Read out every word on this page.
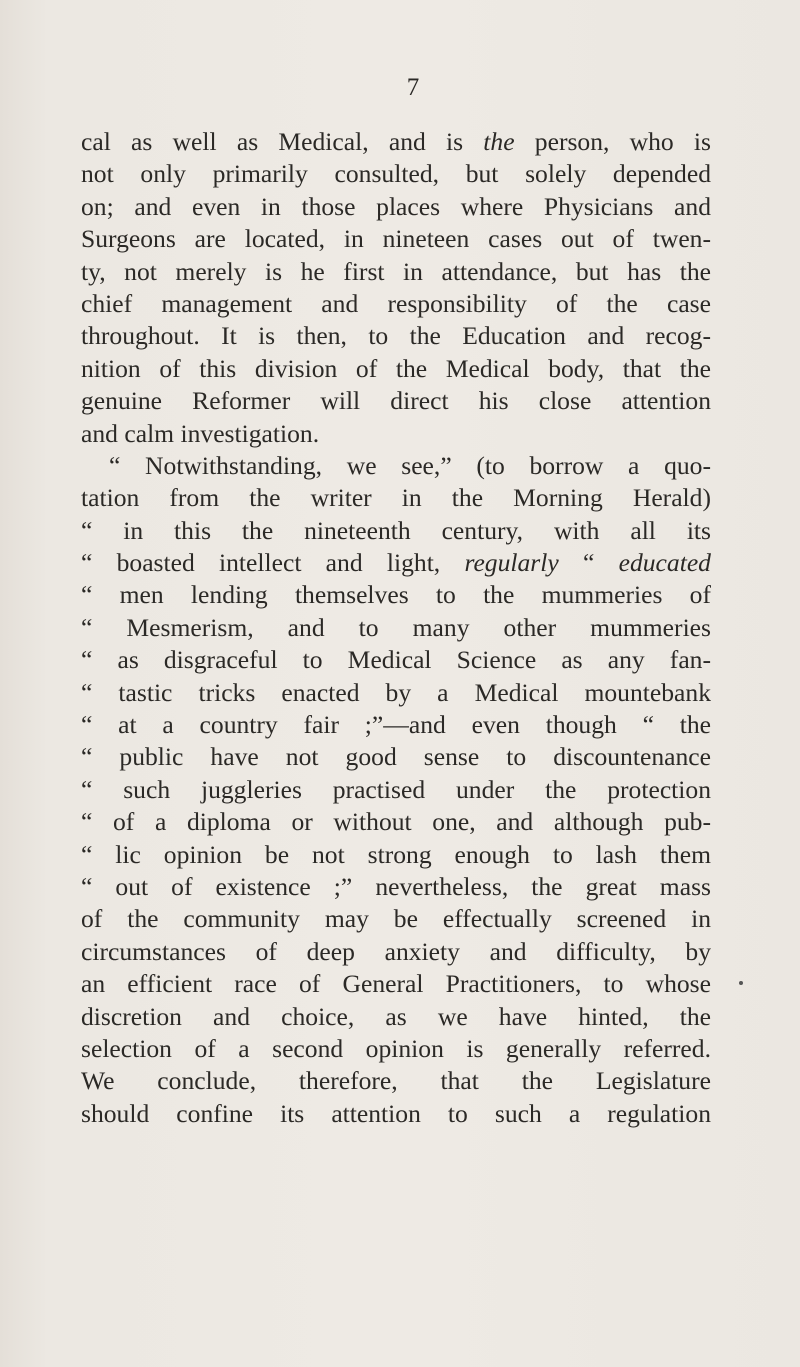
7
cal as well as Medical, and is the person, who is
not only primarily consulted, but solely depended
on; and even in those places where Physicians and
Surgeons are located, in nineteen cases out of twen-
ty, not merely is he first in attendance, but has the
chief management and responsibility of the case
throughout. It is then, to the Education and recog-
nition of this division of the Medical body, that the
genuine Reformer will direct his close attention
and calm investigation.
“ Notwithstanding, we see,” (to borrow a quo-
tation from the writer in the Morning Herald)
“ in this the nineteenth century, with all its
“ boasted intellect and light, regularly “ educated
“ men lending themselves to the mummeries of
“ Mesmerism, and to many other mummeries
“ as disgraceful to Medical Science as any fan-
“ tastic tricks enacted by a Medical mountebank
“ at a country fair ;”—and even though “ the
“ public have not good sense to discountenance
“ such juggleries practised under the protection
“ of a diploma or without one, and although pub-
“ lic opinion be not strong enough to lash them
“ out of existence ;” nevertheless, the great mass
of the community may be effectually screened in
circumstances of deep anxiety and difficulty, by
an efficient race of General Practitioners, to whose
discretion and choice, as we have hinted, the
selection of a second opinion is generally referred.
We conclude, therefore, that the Legislature
should confine its attention to such a regulation
